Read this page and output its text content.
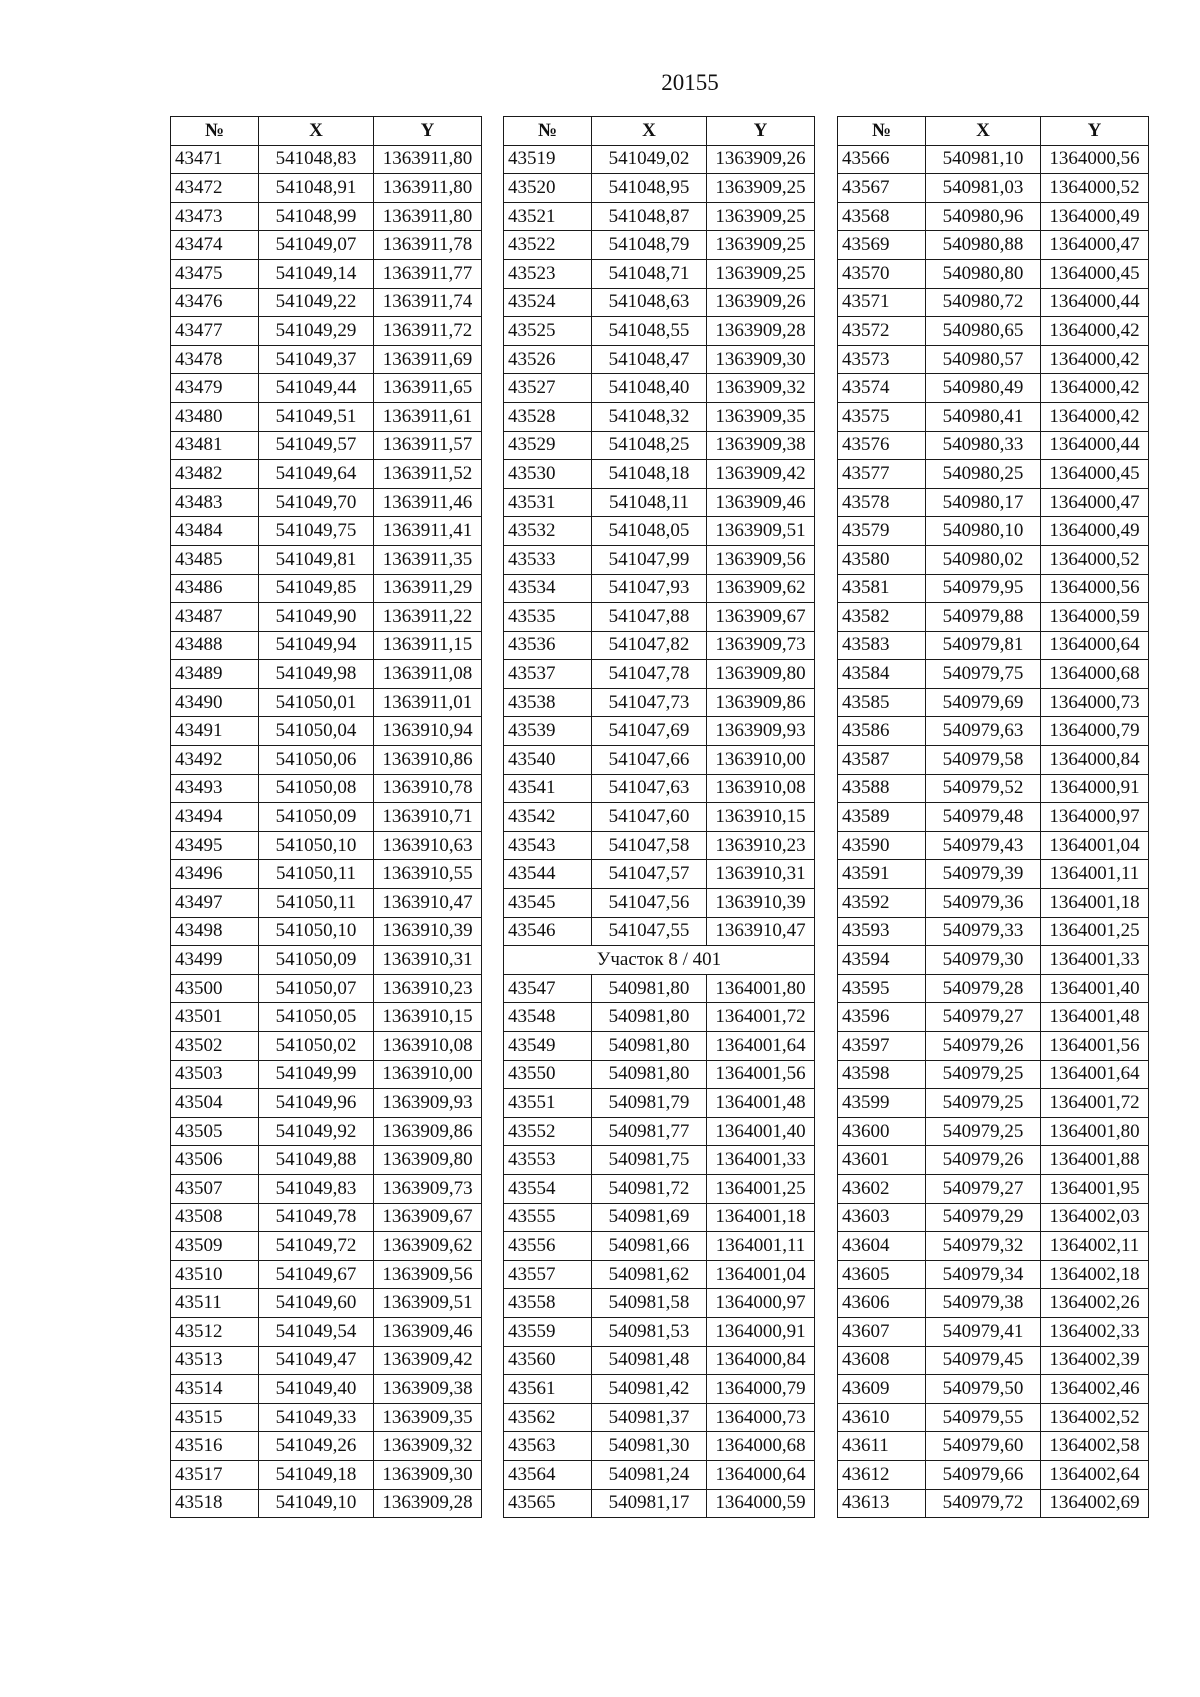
20155
№	X	Y
43471	541048,83	1363911,80
43472	541048,91	1363911,80
43473	541048,99	1363911,80
43474	541049,07	1363911,78
43475	541049,14	1363911,77
43476	541049,22	1363911,74
43477	541049,29	1363911,72
43478	541049,37	1363911,69
43479	541049,44	1363911,65
43480	541049,51	1363911,61
43481	541049,57	1363911,57
43482	541049,64	1363911,52
43483	541049,70	1363911,46
43484	541049,75	1363911,41
43485	541049,81	1363911,35
43486	541049,85	1363911,29
43487	541049,90	1363911,22
43488	541049,94	1363911,15
43489	541049,98	1363911,08
43490	541050,01	1363911,01
43491	541050,04	1363910,94
43492	541050,06	1363910,86
43493	541050,08	1363910,78
43494	541050,09	1363910,71
43495	541050,10	1363910,63
43496	541050,11	1363910,55
43497	541050,11	1363910,47
43498	541050,10	1363910,39
43499	541050,09	1363910,31
43500	541050,07	1363910,23
43501	541050,05	1363910,15
43502	541050,02	1363910,08
43503	541049,99	1363910,00
43504	541049,96	1363909,93
43505	541049,92	1363909,86
43506	541049,88	1363909,80
43507	541049,83	1363909,73
43508	541049,78	1363909,67
43509	541049,72	1363909,62
43510	541049,67	1363909,56
43511	541049,60	1363909,51
43512	541049,54	1363909,46
43513	541049,47	1363909,42
43514	541049,40	1363909,38
43515	541049,33	1363909,35
43516	541049,26	1363909,32
43517	541049,18	1363909,30
43518	541049,10	1363909,28
№	X	Y
43519	541049,02	1363909,26
43520	541048,95	1363909,25
43521	541048,87	1363909,25
43522	541048,79	1363909,25
43523	541048,71	1363909,25
43524	541048,63	1363909,26
43525	541048,55	1363909,28
43526	541048,47	1363909,30
43527	541048,40	1363909,32
43528	541048,32	1363909,35
43529	541048,25	1363909,38
43530	541048,18	1363909,42
43531	541048,11	1363909,46
43532	541048,05	1363909,51
43533	541047,99	1363909,56
43534	541047,93	1363909,62
43535	541047,88	1363909,67
43536	541047,82	1363909,73
43537	541047,78	1363909,80
43538	541047,73	1363909,86
43539	541047,69	1363909,93
43540	541047,66	1363910,00
43541	541047,63	1363910,08
43542	541047,60	1363910,15
43543	541047,58	1363910,23
43544	541047,57	1363910,31
43545	541047,56	1363910,39
43546	541047,55	1363910,47
Участок 8 / 401		
43547	540981,80	1364001,80
43548	540981,80	1364001,72
43549	540981,80	1364001,64
43550	540981,80	1364001,56
43551	540981,79	1364001,48
43552	540981,77	1364001,40
43553	540981,75	1364001,33
43554	540981,72	1364001,25
43555	540981,69	1364001,18
43556	540981,66	1364001,11
43557	540981,62	1364001,04
43558	540981,58	1364000,97
43559	540981,53	1364000,91
43560	540981,48	1364000,84
43561	540981,42	1364000,79
43562	540981,37	1364000,73
43563	540981,30	1364000,68
43564	540981,24	1364000,64
43565	540981,17	1364000,59
№	X	Y
43566	540981,10	1364000,56
43567	540981,03	1364000,52
43568	540980,96	1364000,49
43569	540980,88	1364000,47
43570	540980,80	1364000,45
43571	540980,72	1364000,44
43572	540980,65	1364000,42
43573	540980,57	1364000,42
43574	540980,49	1364000,42
43575	540980,41	1364000,42
43576	540980,33	1364000,44
43577	540980,25	1364000,45
43578	540980,17	1364000,47
43579	540980,10	1364000,49
43580	540980,02	1364000,52
43581	540979,95	1364000,56
43582	540979,88	1364000,59
43583	540979,81	1364000,64
43584	540979,75	1364000,68
43585	540979,69	1364000,73
43586	540979,63	1364000,79
43587	540979,58	1364000,84
43588	540979,52	1364000,91
43589	540979,48	1364000,97
43590	540979,43	1364001,04
43591	540979,39	1364001,11
43592	540979,36	1364001,18
43593	540979,33	1364001,25
43594	540979,30	1364001,33
43595	540979,28	1364001,40
43596	540979,27	1364001,48
43597	540979,26	1364001,56
43598	540979,25	1364001,64
43599	540979,25	1364001,72
43600	540979,25	1364001,80
43601	540979,26	1364001,88
43602	540979,27	1364001,95
43603	540979,29	1364002,03
43604	540979,32	1364002,11
43605	540979,34	1364002,18
43606	540979,38	1364002,26
43607	540979,41	1364002,33
43608	540979,45	1364002,39
43609	540979,50	1364002,46
43610	540979,55	1364002,52
43611	540979,60	1364002,58
43612	540979,66	1364002,64
43613	540979,72	1364002,69
